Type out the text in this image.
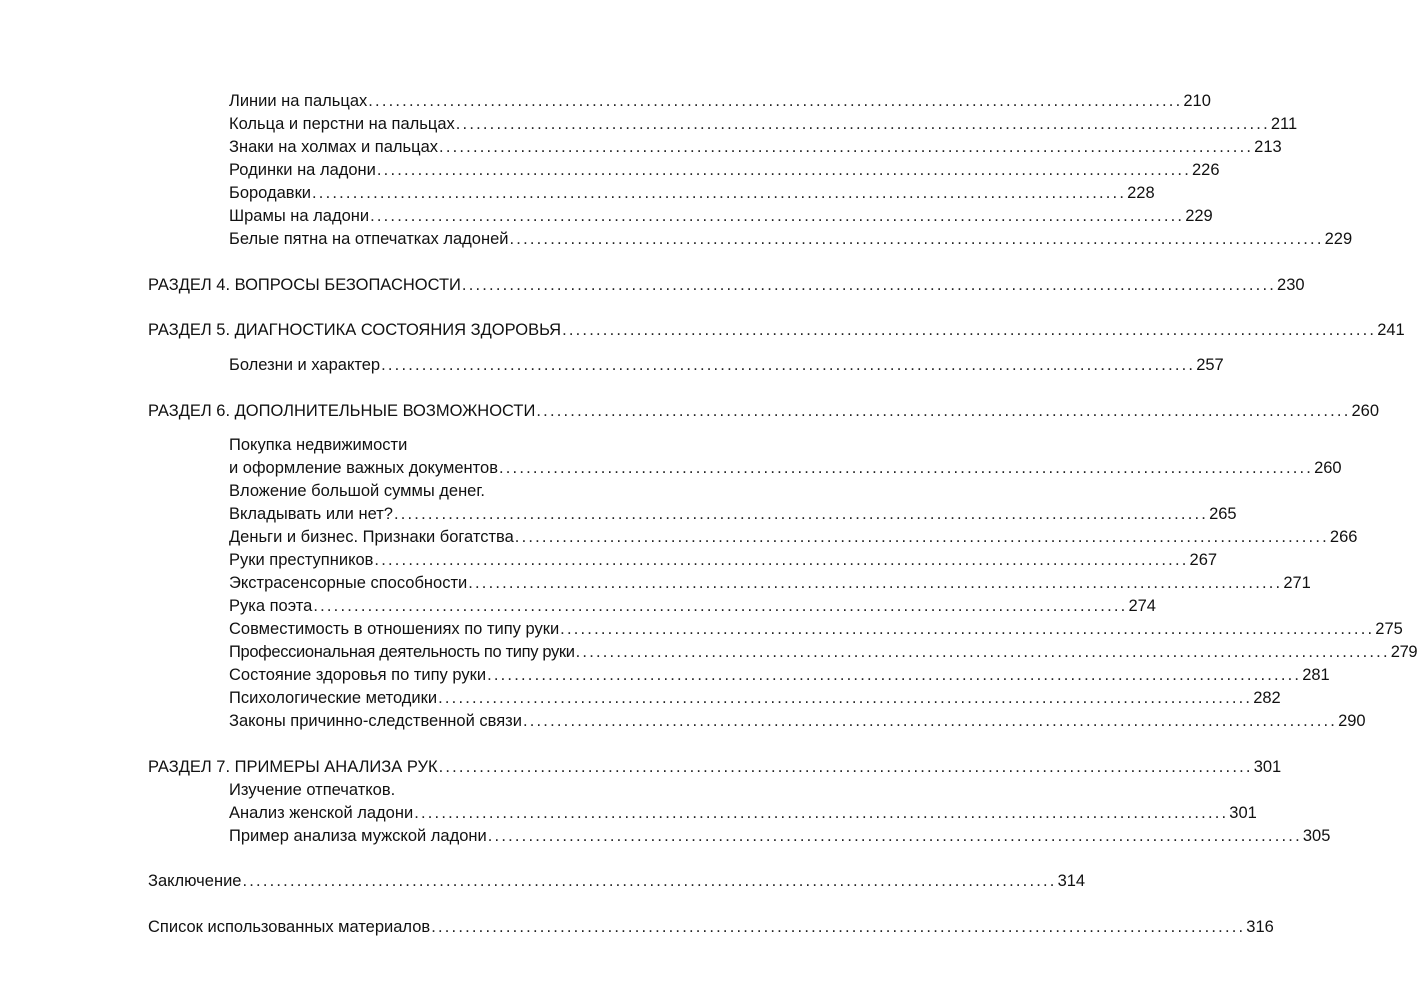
Линии на пальцах ........................................................................................................................ 210
Кольца и перстни на пальцах ........................................................................................................................ 211
Знаки на холмах и пальцах ........................................................................................................................ 213
Родинки на ладони ........................................................................................................................ 226
Бородавки ........................................................................................................................ 228
Шрамы на ладони ........................................................................................................................ 229
Белые пятна на отпечатках ладоней ........................................................................................................................ 229
РАЗДЕЛ 4. ВОПРОСЫ БЕЗОПАСНОСТИ ........................................................................................................................ 230
РАЗДЕЛ 5. ДИАГНОСТИКА СОСТОЯНИЯ ЗДОРОВЬЯ ........................................................................................................................ 241
Болезни и характер ........................................................................................................................ 257
РАЗДЕЛ 6. ДОПОЛНИТЕЛЬНЫЕ ВОЗМОЖНОСТИ ........................................................................................................................ 260
Покупка недвижимости
и оформление важных документов ........................................................................................................................ 260
Вложение большой суммы денег.
Вкладывать или нет? ........................................................................................................................ 265
Деньги и бизнес. Признаки богатства ........................................................................................................................ 266
Руки преступников ........................................................................................................................ 267
Экстрасенсорные способности ........................................................................................................................ 271
Рука поэта ........................................................................................................................ 274
Совместимость в отношениях по типу руки ........................................................................................................................ 275
Профессиональная деятельность по типу руки ........................................................................................................................ 279
Состояние здоровья по типу руки ........................................................................................................................ 281
Психологические методики ........................................................................................................................ 282
Законы причинно-следственной связи ........................................................................................................................ 290
РАЗДЕЛ 7. ПРИМЕРЫ АНАЛИЗА РУК ........................................................................................................................ 301
Изучение отпечатков.
Анализ женской ладони ........................................................................................................................ 301
Пример анализа мужской ладони ........................................................................................................................ 305
Заключение ........................................................................................................................ 314
Список использованных материалов ........................................................................................................................ 316
